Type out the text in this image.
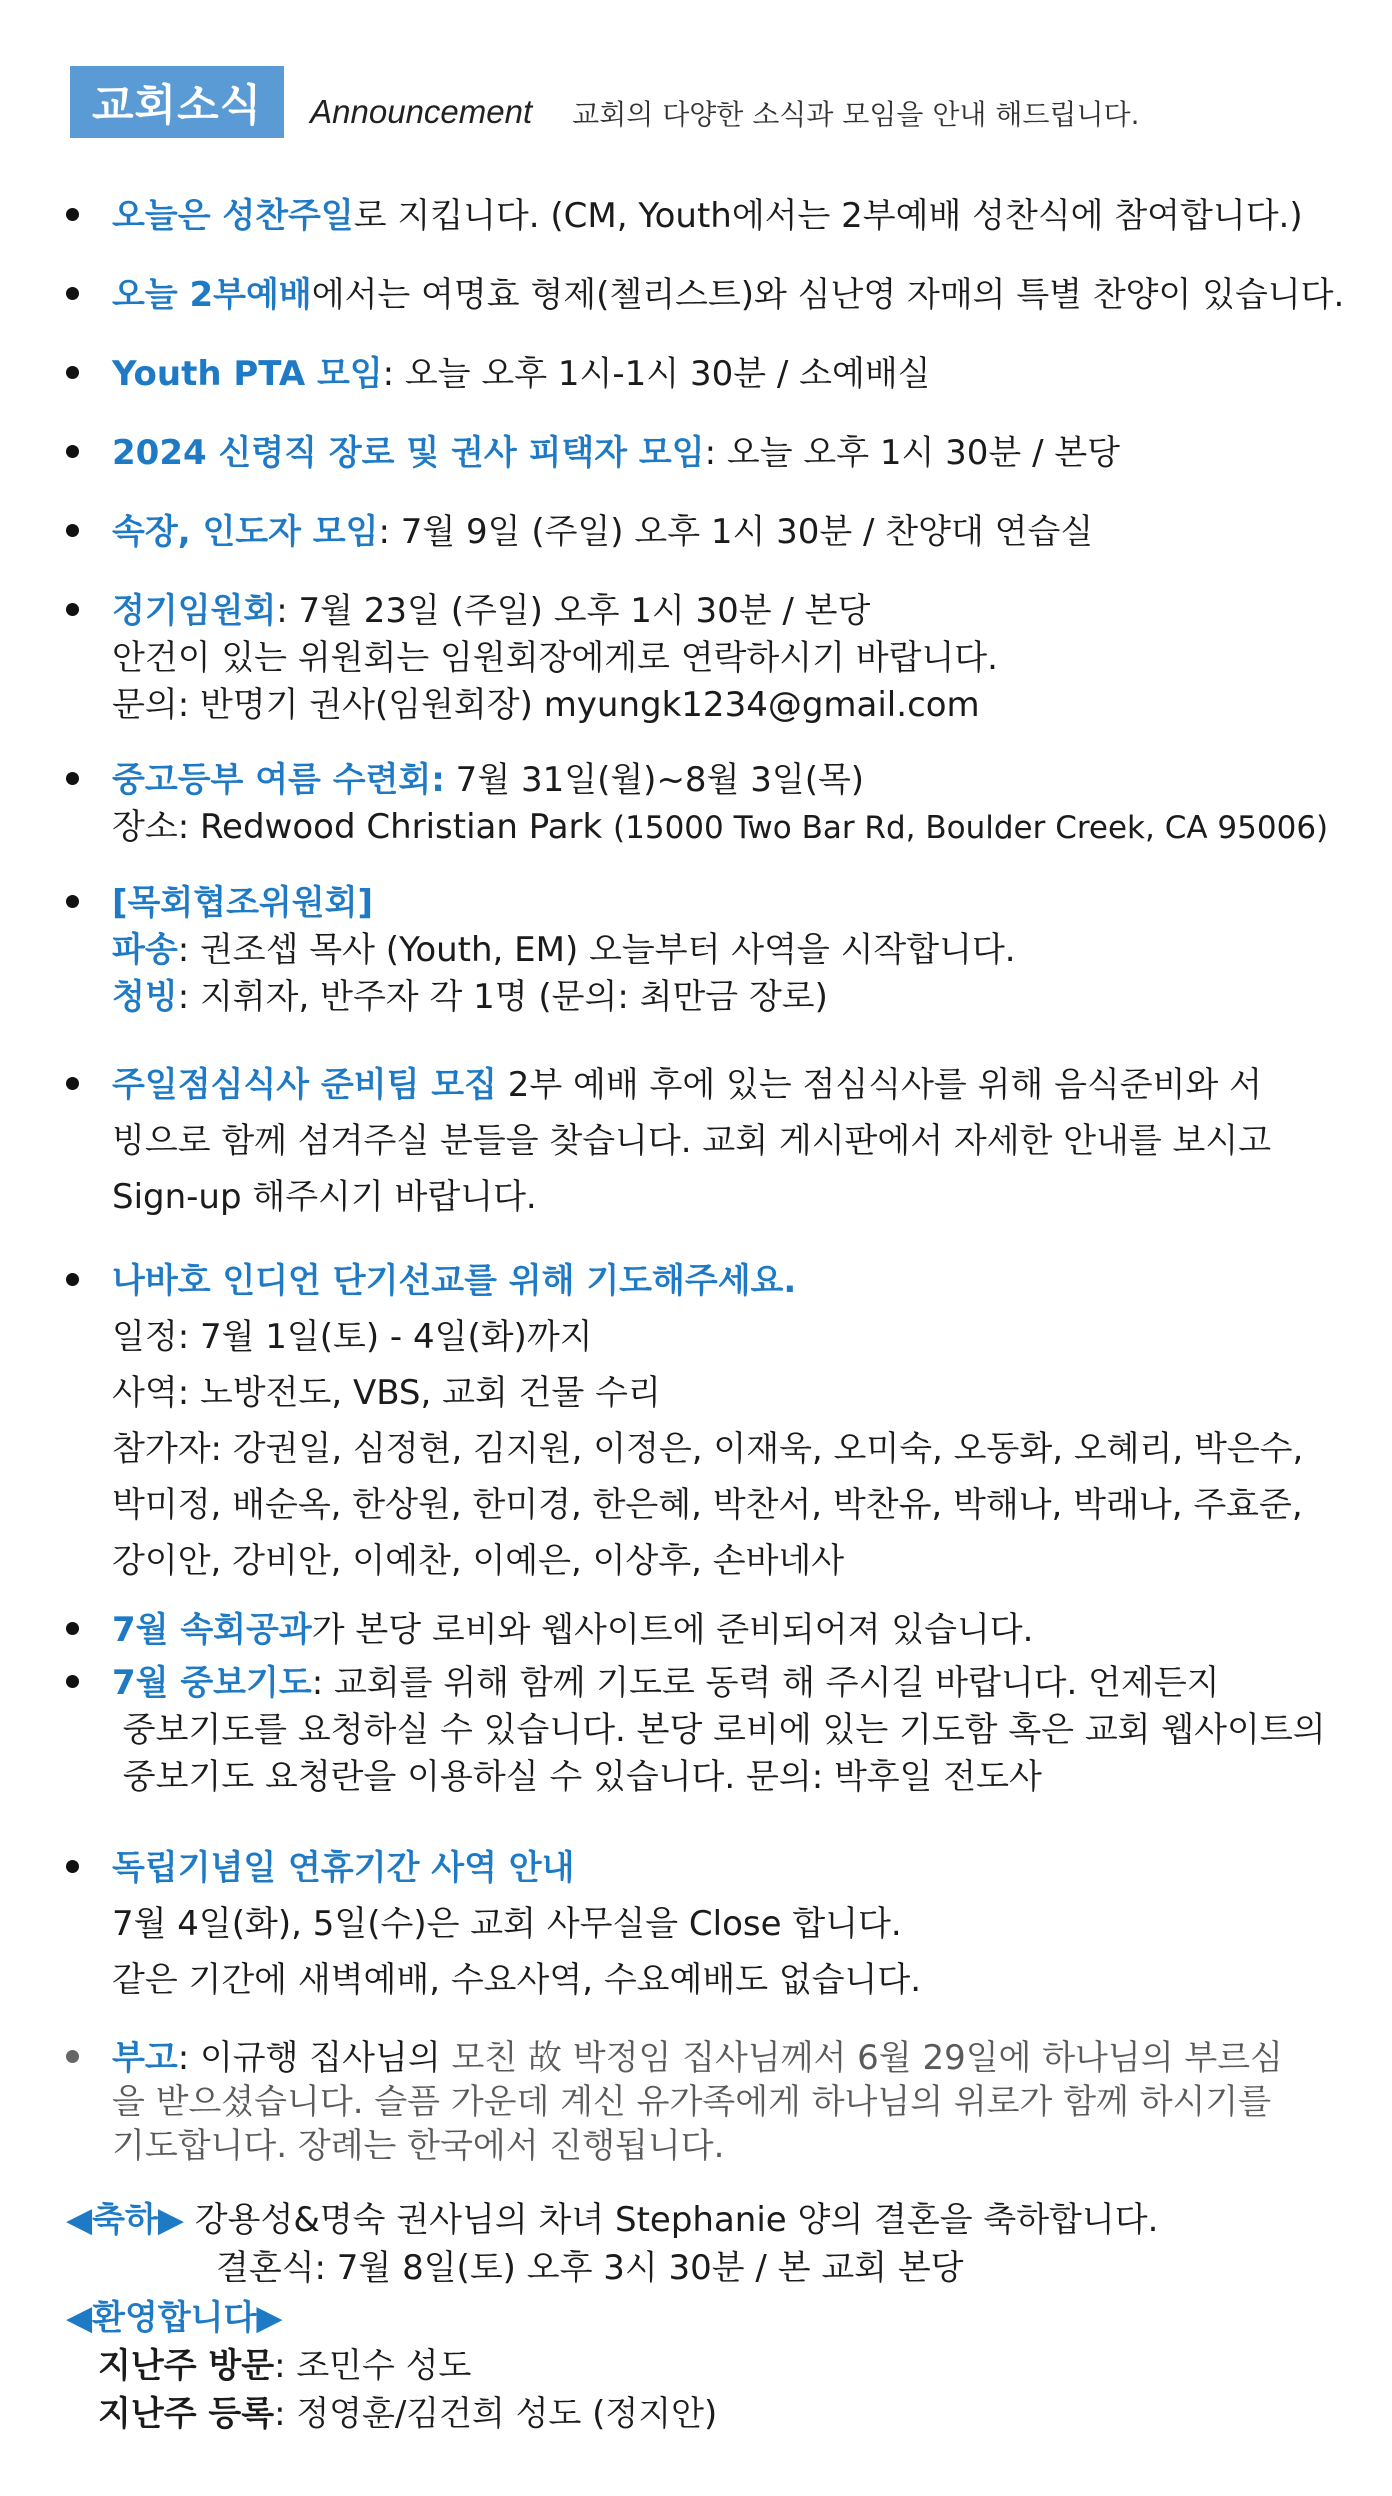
교회소식	Announcement 교회의 다양한 소식과 모임을 안내 해드립니다.
오늘은 성찬주일로 지킵니다. (CM, Youth에서는 2부예배 성찬식에 참여합니다.)
오늘 2부예배에서는 여명효 형제(첼리스트)와 심난영 자매의 특별 찬양이 있습니다.
Youth PTA 모임: 오늘 오후 1시-1시 30분 / 소예배실
2024 신령직 장로 및 권사 피택자 모임: 오늘 오후 1시 30분 / 본당
속장, 인도자 모임: 7월 9일 (주일) 오후 1시 30분 / 찬양대 연습실
정기임원회: 7월 23일 (주일) 오후 1시 30분 / 본당
안건이 있는 위원회는 임원회장에게로 연락하시기 바랍니다.
문의: 반명기 권사(임원회장) myungk1234@gmail.com
중고등부 여름 수련회: 7월 31일(월)~8월 3일(목)
장소: Redwood Christian Park (15000 Two Bar Rd, Boulder Creek, CA 95006)
[목회협조위원회]
파송: 권조셉 목사 (Youth, EM) 오늘부터 사역을 시작합니다.
청빙: 지휘자, 반주자 각 1명 (문의: 최만금 장로)
주일점심식사 준비팀 모집 2부 예배 후에 있는 점심식사를 위해 음식준비와 서
빙으로 함께 섬겨주실 분들을 찾습니다. 교회 게시판에서 자세한 안내를 보시고
Sign-up 해주시기 바랍니다.
나바호 인디언 단기선교를 위해 기도해주세요.
일정: 7월 1일(토) - 4일(화)까지
사역: 노방전도, VBS, 교회 건물 수리
참가자: 강권일, 심정현, 김지원, 이정은, 이재욱, 오미숙, 오동화, 오혜리, 박은수,
박미정, 배순옥, 한상원, 한미경, 한은혜, 박찬서, 박찬유, 박해나, 박래나, 주효준,
강이안, 강비안, 이예찬, 이예은, 이상후, 손바네사
7월 속회공과가 본당 로비와 웹사이트에 준비되어져 있습니다.
7월 중보기도: 교회를 위해 함께 기도로 동력 해 주시길 바랍니다. 언제든지
중보기도를 요청하실 수 있습니다. 본당 로비에 있는 기도함 혹은 교회 웹사이트의
중보기도 요청란을 이용하실 수 있습니다. 문의: 박후일 전도사
독립기념일 연휴기간 사역 안내
7월 4일(화), 5일(수)은 교회 사무실을 Close 합니다.
같은 기간에 새벽예배, 수요사역, 수요예배도 없습니다.
부고: 이규행 집사님의 모친 故 박정임 집사님께서 6월 29일에 하나님의 부르심
을 받으셨습니다. 슬픔 가운데 계신 유가족에게 하나님의 위로가 함께 하시기를
기도합니다. 장례는 한국에서 진행됩니다.
◀축하▶ 강용성&명숙 권사님의 차녀 Stephanie 양의 결혼을 축하합니다.
결혼식: 7월 8일(토) 오후 3시 30분 / 본 교회 본당
◀환영합니다▶
지난주 방문: 조민수 성도
지난주 등록: 정영훈/김건희 성도 (정지안)
